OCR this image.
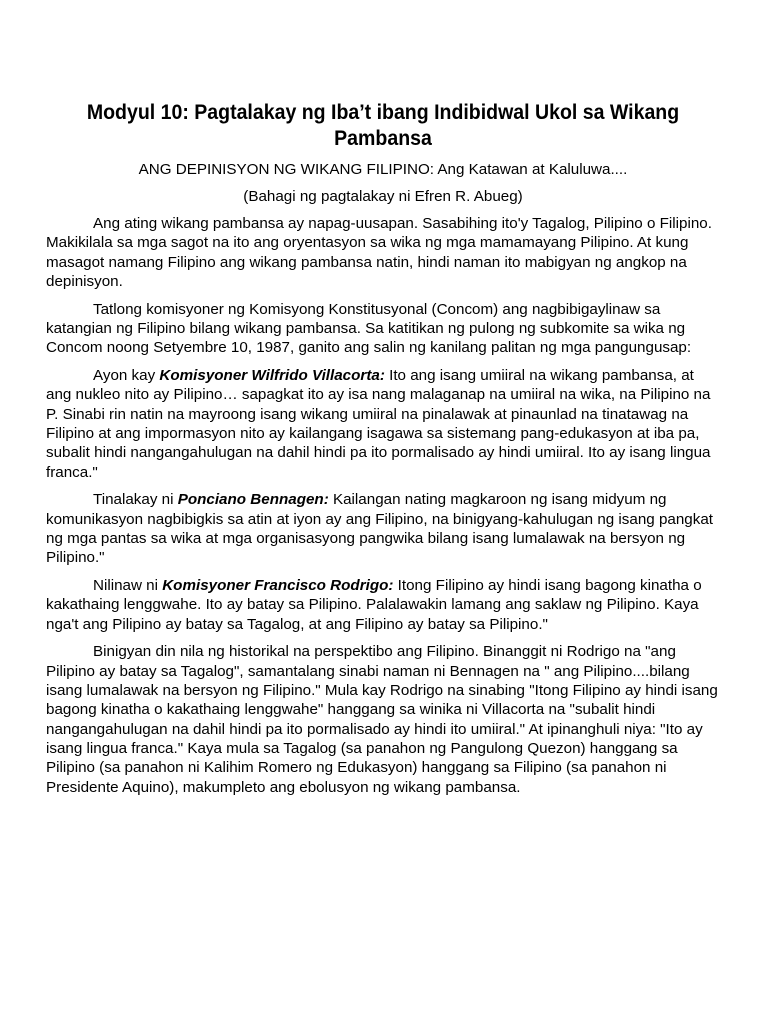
Modyul 10: Pagtalakay ng Iba’t ibang Indibidwal Ukol sa Wikang Pambansa
ANG DEPINISYON NG WIKANG FILIPINO: Ang Katawan at Kaluluwa....
(Bahagi ng pagtalakay ni Efren R. Abueg)

Ang ating wikang pambansa ay napag-uusapan. Sasabihing ito'y Tagalog, Pilipino o Filipino. Makikilala sa mga sagot na ito ang oryentasyon sa wika ng mga mamamayang Pilipino. At kung masagot namang Filipino ang wikang pambansa natin, hindi naman ito mabigyan ng angkop na depinisyon.

Tatlong komisyoner ng Komisyong Konstitusyonal (Concom) ang nagbibigaylinaw sa katangian ng Filipino bilang wikang pambansa. Sa katitikan ng pulong ng subkomite sa wika ng Concom noong Setyembre 10, 1987, ganito ang salin ng kanilang palitan ng mga pangungusap:

Ayon kay Komisyoner Wilfrido Villacorta: Ito ang isang umiiral na wikang pambansa, at ang nukleo nito ay Pilipino… sapagkat ito ay isa nang malaganap na umiiral na wika, na Pilipino na P. Sinabi rin natin na mayroong isang wikang umiiral na pinalawak at pinaunlad na tinatawag na Filipino at ang impormasyon nito ay kailangang isagawa sa sistemang pang-edukasyon at iba pa, subalit hindi nangangahulugan na dahil hindi pa ito pormalisado ay hindi umiiral. Ito ay isang lingua franca."

Tinalakay ni Ponciano Bennagen: Kailangan nating magkaroon ng isang midyum ng komunikasyon nagbibigkis sa atin at iyon ay ang Filipino, na binigyang-kahulugan ng isang pangkat ng mga pantas sa wika at mga organisasyong pangwika bilang isang lumalawak na bersyon ng Pilipino."

Nilinaw ni Komisyoner Francisco Rodrigo: Itong Filipino ay hindi isang bagong kinatha o kakathaing lenggwahe. Ito ay batay sa Pilipino. Palalawakin lamang ang saklaw ng Pilipino. Kaya nga't ang Pilipino ay batay sa Tagalog, at ang Filipino ay batay sa Pilipino."

Binigyan din nila ng historikal na perspektibo ang Filipino. Binanggit ni Rodrigo na "ang Pilipino ay batay sa Tagalog", samantalang sinabi naman ni Bennagen na " ang Pilipino....bilang isang lumalawak na bersyon ng Filipino." Mula kay Rodrigo na sinabing "Itong Filipino ay hindi isang bagong kinatha o kakathaing lenggwahe" hanggang sa winika ni Villacorta na "subalit hindi nangangahulugan na dahil hindi pa ito pormalisado ay hindi ito umiiral." At ipinanghuli niya: "Ito ay isang lingua franca." Kaya mula sa Tagalog (sa panahon ng Pangulong Quezon) hanggang sa Pilipino (sa panahon ni Kalihim Romero ng Edukasyon) hanggang sa Filipino (sa panahon ni Presidente Aquino), makumpleto ang ebolusyon ng wikang pambansa.
